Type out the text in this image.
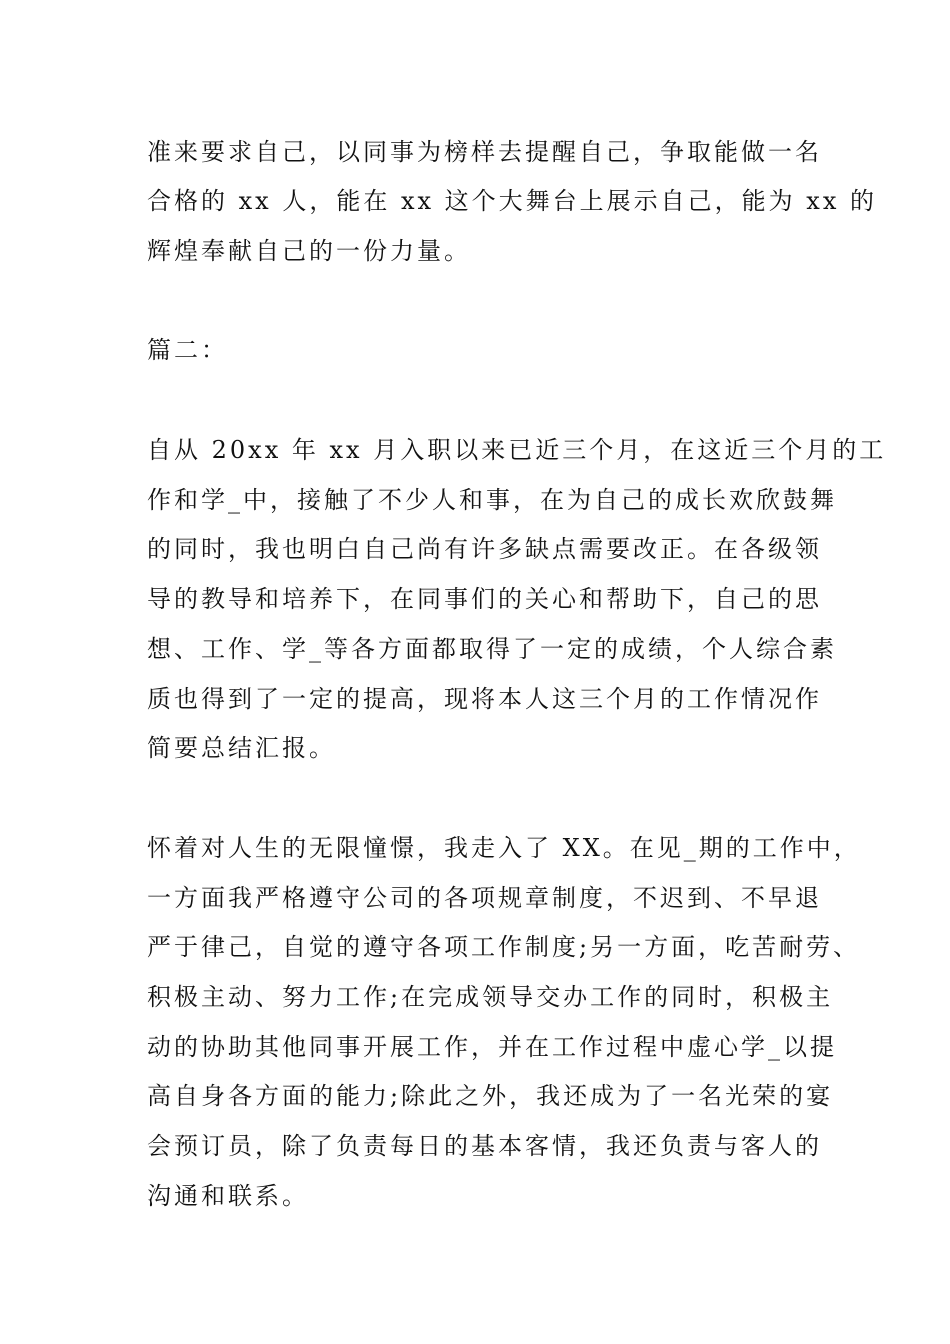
准来要求自己，以同事为榜样去提醒自己，争取能做一名
合格的 xx 人，能在 xx 这个大舞台上展示自己，能为 xx 的
辉煌奉献自己的一份力量。
篇二：
自从 20xx 年 xx 月入职以来已近三个月，在这近三个月的工
作和学_中，接触了不少人和事，在为自己的成长欢欣鼓舞
的同时，我也明白自己尚有许多缺点需要改正。在各级领
导的教导和培养下，在同事们的关心和帮助下，自己的思
想、工作、学_等各方面都取得了一定的成绩，个人综合素
质也得到了一定的提高，现将本人这三个月的工作情况作
简要总结汇报。
怀着对人生的无限憧憬，我走入了 XX。在见_期的工作中，
一方面我严格遵守公司的各项规章制度，不迟到、不早退
严于律己，自觉的遵守各项工作制度;另一方面，吃苦耐劳、
积极主动、努力工作;在完成领导交办工作的同时，积极主
动的协助其他同事开展工作，并在工作过程中虚心学_以提
高自身各方面的能力;除此之外，我还成为了一名光荣的宴
会预订员，除了负责每日的基本客情，我还负责与客人的
沟通和联系。
